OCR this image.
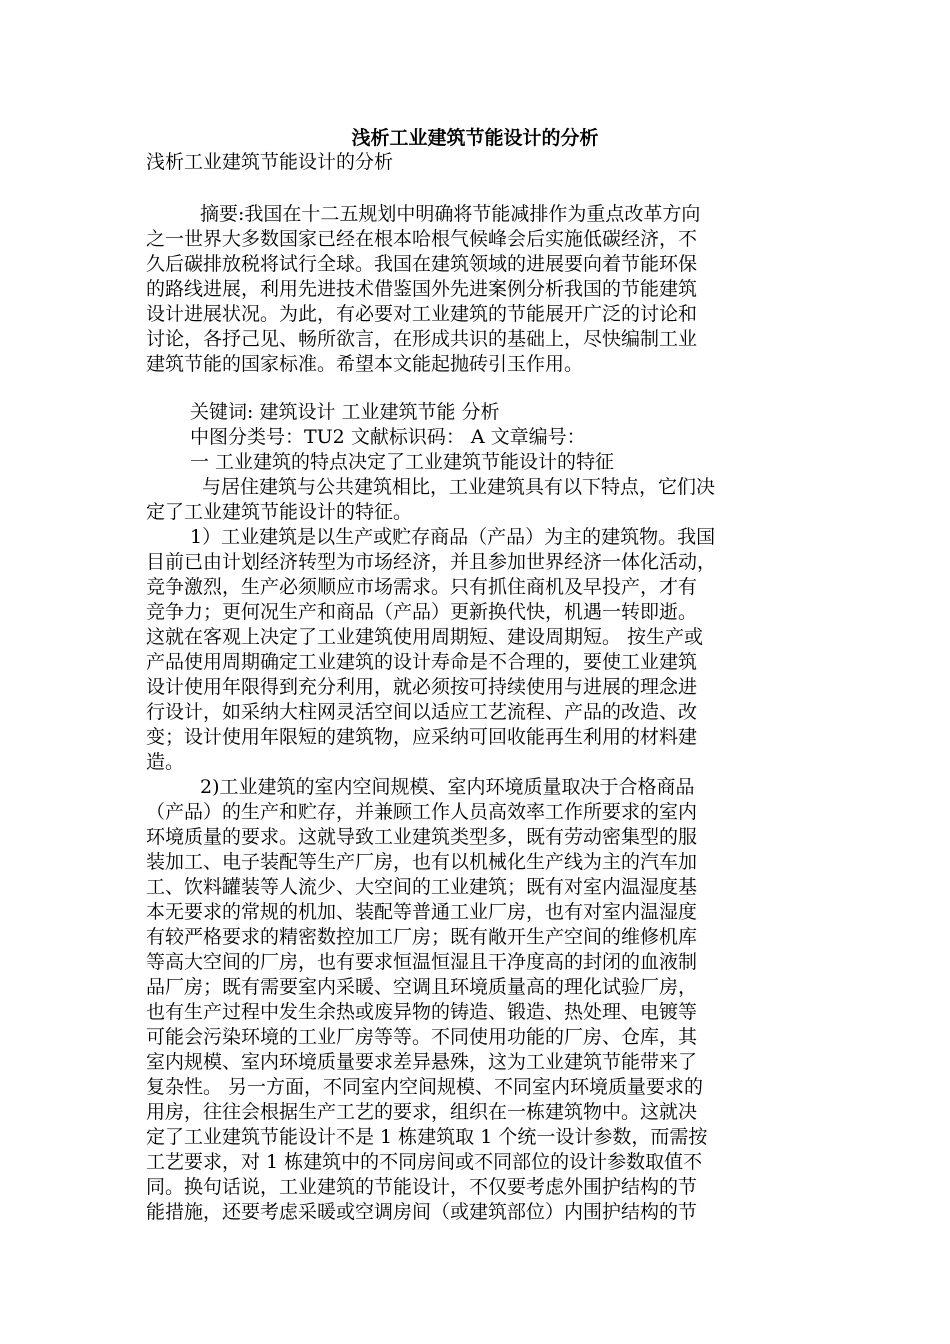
浅析工业建筑节能设计的分析
浅析工业建筑节能设计的分析
摘要:我国在十二五规划中明确将节能减排作为重点改革方向
之一世界大多数国家已经在根本哈根气候峰会后实施低碳经济，不
久后碳排放税将试行全球。我国在建筑领域的进展要向着节能环保
的路线进展，利用先进技术借鉴国外先进案例分析我国的节能建筑
设计进展状况。为此，有必要对工业建筑的节能展开广泛的讨论和
讨论，各抒己见、畅所欲言，在形成共识的基础上，尽快编制工业
建筑节能的国家标准。希望本文能起抛砖引玉作用。
关键词: 建筑设计 工业建筑节能 分析
中图分类号：TU2 文献标识码： A 文章编号：
一 工业建筑的特点决定了工业建筑节能设计的特征
与居住建筑与公共建筑相比，工业建筑具有以下特点，它们决
定了工业建筑节能设计的特征。
1）工业建筑是以生产或贮存商品（产品）为主的建筑物。我国
目前已由计划经济转型为市场经济，并且参加世界经济一体化活动，
竞争激烈，生产必须顺应市场需求。只有抓住商机及早投产，才有
竞争力；更何况生产和商品（产品）更新换代快，机遇一转即逝。
这就在客观上决定了工业建筑使用周期短、建设周期短。 按生产或
产品使用周期确定工业建筑的设计寿命是不合理的，要使工业建筑
设计使用年限得到充分利用，就必须按可持续使用与进展的理念进
行设计，如采纳大柱网灵活空间以适应工艺流程、产品的改造、改
变；设计使用年限短的建筑物，应采纳可回收能再生利用的材料建
造。
2)工业建筑的室内空间规模、室内环境质量取决于合格商品
（产品）的生产和贮存，并兼顾工作人员高效率工作所要求的室内
环境质量的要求。这就导致工业建筑类型多，既有劳动密集型的服
装加工、电子装配等生产厂房，也有以机械化生产线为主的汽车加
工、饮料罐装等人流少、大空间的工业建筑；既有对室内温湿度基
本无要求的常规的机加、装配等普通工业厂房，也有对室内温湿度
有较严格要求的精密数控加工厂房；既有敞开生产空间的维修机库
等高大空间的厂房，也有要求恒温恒湿且干净度高的封闭的血液制
品厂房；既有需要室内采暖、空调且环境质量高的理化试验厂房，
也有生产过程中发生余热或废异物的铸造、锻造、热处理、电镀等
可能会污染环境的工业厂房等等。不同使用功能的厂房、仓库，其
室内规模、室内环境质量要求差异悬殊，这为工业建筑节能带来了
复杂性。 另一方面，不同室内空间规模、不同室内环境质量要求的
用房，往往会根据生产工艺的要求，组织在一栋建筑物中。这就决
定了工业建筑节能设计不是 1 栋建筑取 1 个统一设计参数，而需按
工艺要求，对 1 栋建筑中的不同房间或不同部位的设计参数取值不
同。换句话说，工业建筑的节能设计，不仅要考虑外围护结构的节
能措施，还要考虑采暖或空调房间（或建筑部位）内围护结构的节
